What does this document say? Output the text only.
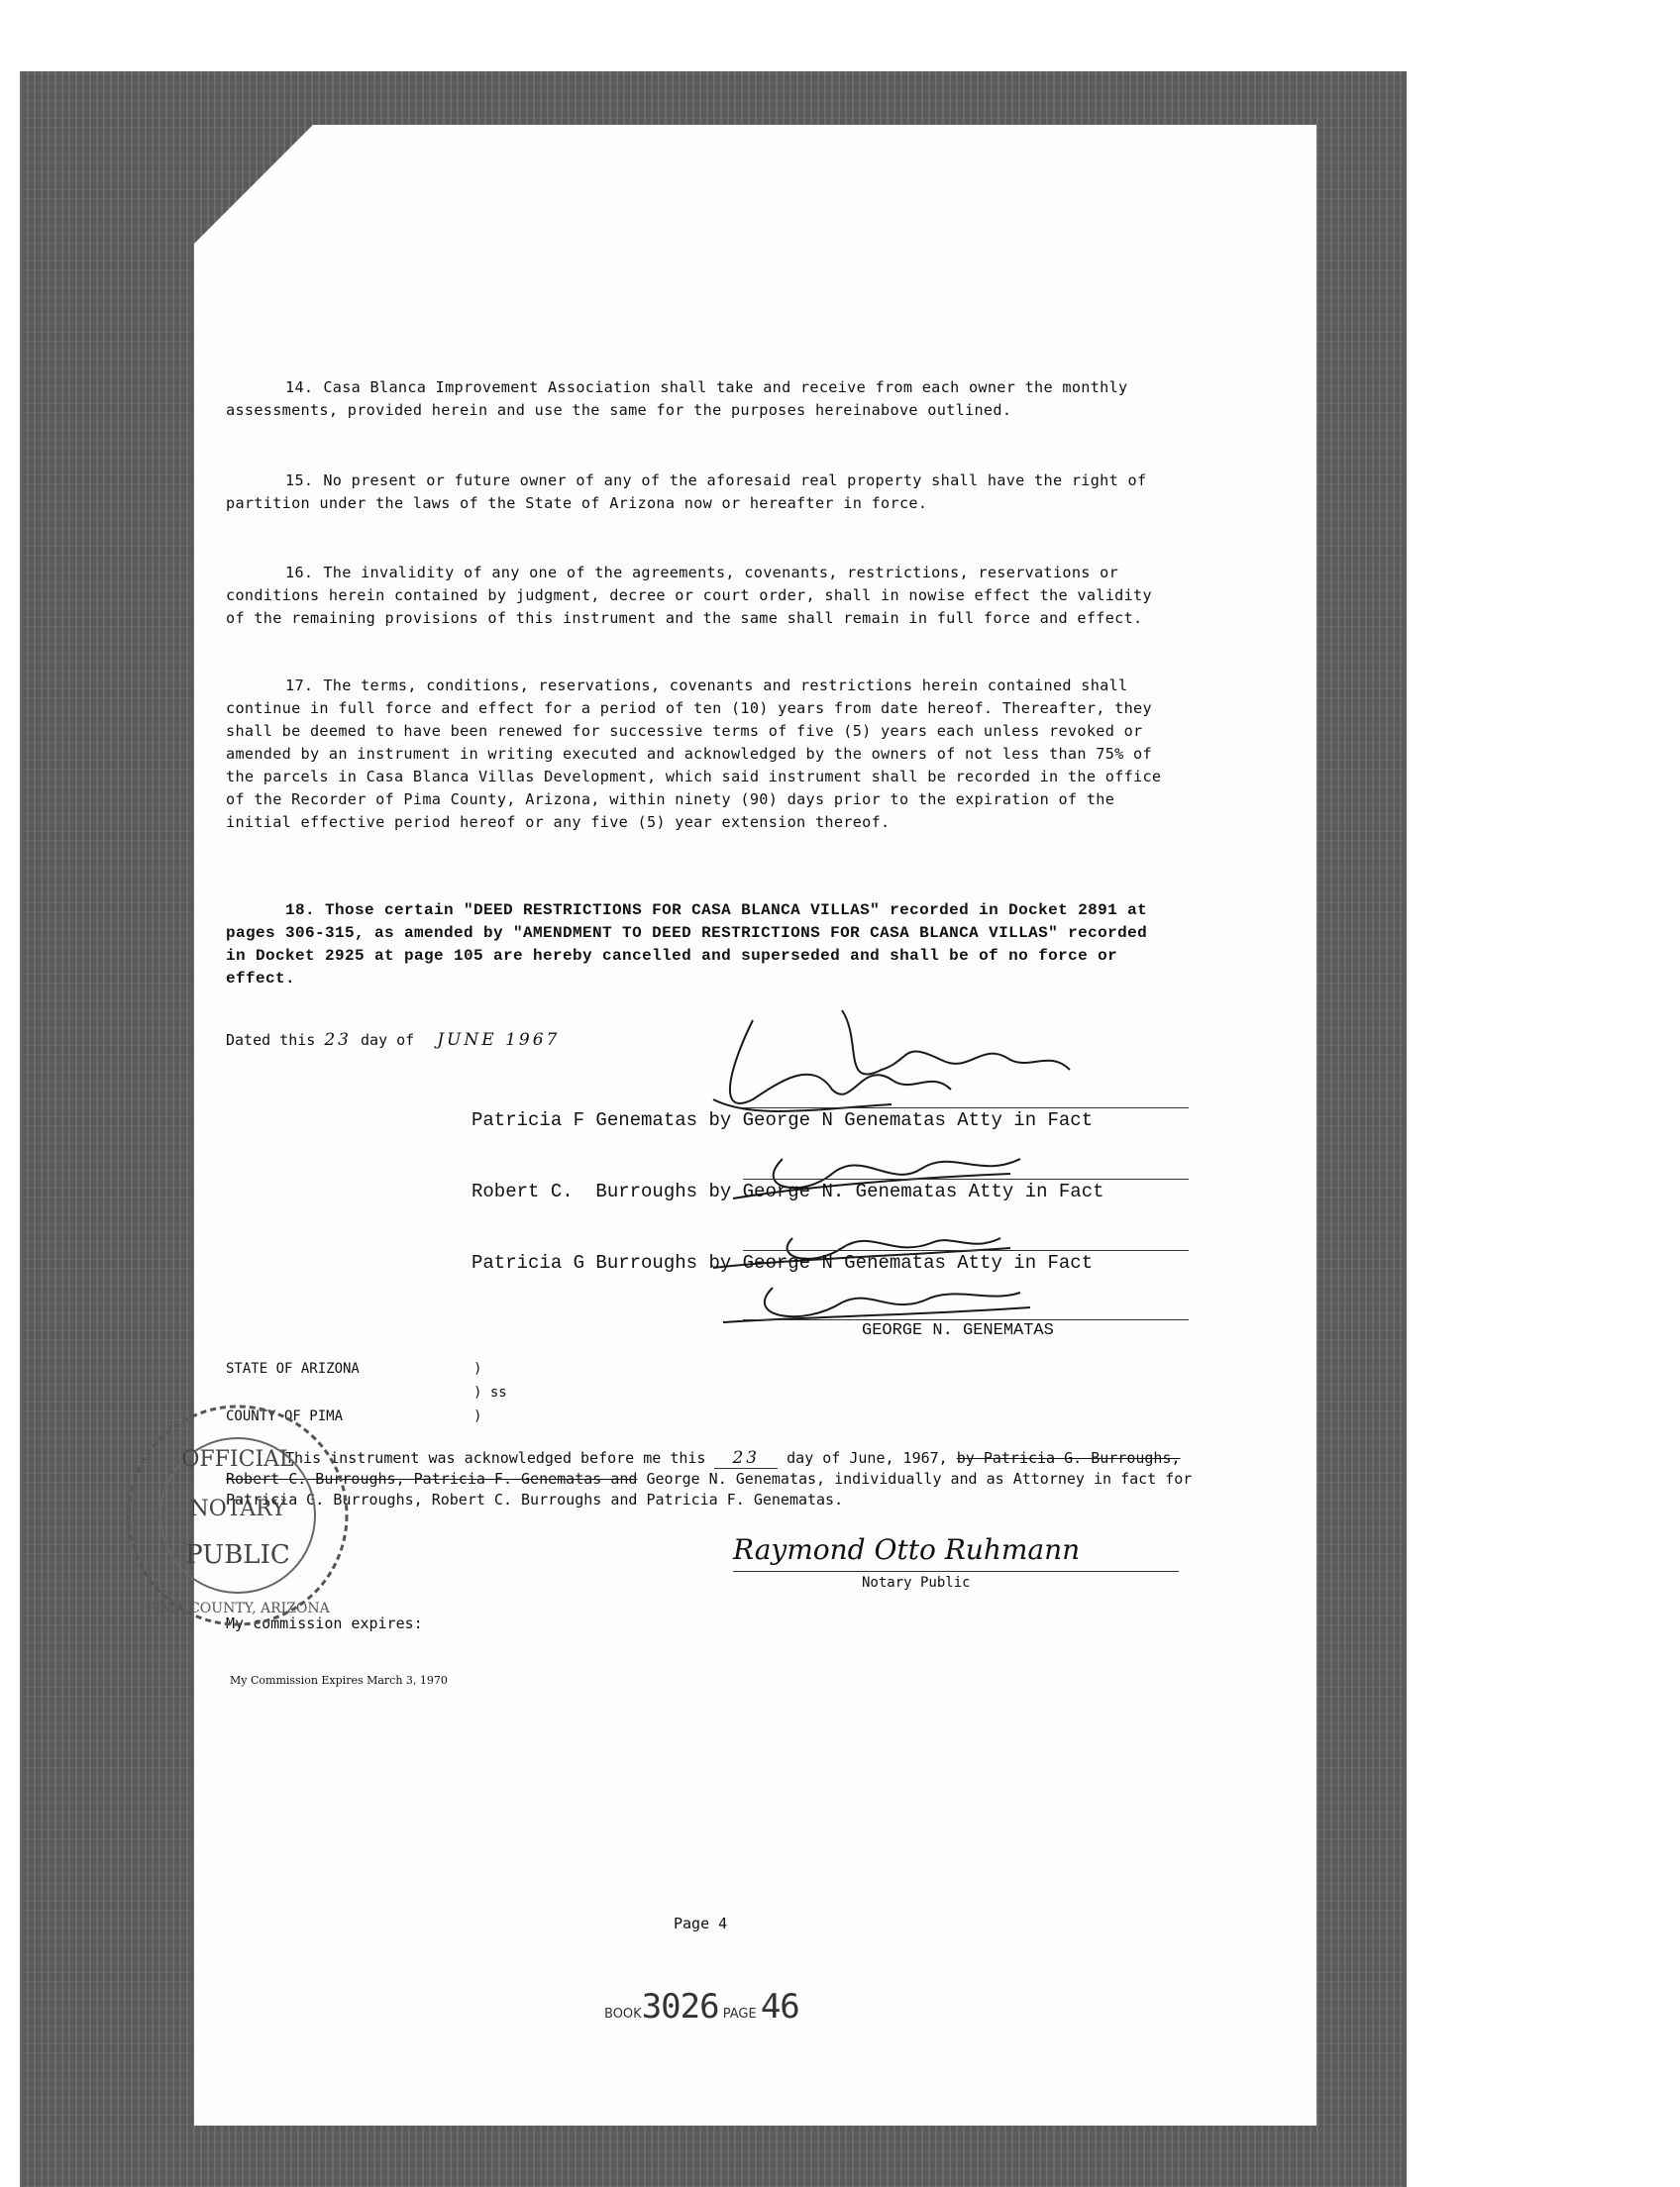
14. Casa Blanca Improvement Association shall take and receive from each owner the monthly assessments, provided herein and use the same for the purposes hereinabove outlined.

15. No present or future owner of any of the aforesaid real property shall have the right of partition under the laws of the State of Arizona now or hereafter in force.

16. The invalidity of any one of the agreements, covenants, restrictions, reservations or conditions herein contained by judgment, decree or court order, shall in nowise effect the validity of the remaining provisions of this instrument and the same shall remain in full force and effect.

17. The terms, conditions, reservations, covenants and restrictions herein contained shall continue in full force and effect for a period of ten (10) years from date hereof. Thereafter, they shall be deemed to have been renewed for successive terms of five (5) years each unless revoked or amended by an instrument in writing executed and acknowledged by the owners of not less than 75% of the parcels in Casa Blanca Villas Development, which said instrument shall be recorded in the office of the Recorder of Pima County, Arizona, within ninety (90) days prior to the expiration of the initial effective period hereof or any five (5) year extension thereof.

18. Those certain "DEED RESTRICTIONS FOR CASA BLANCA VILLAS" recorded in Docket 2891 at pages 306-315, as amended by "AMENDMENT TO DEED RESTRICTIONS FOR CASA BLANCA VILLAS" recorded in Docket 2925 at page 105 are hereby cancelled and superseded and shall be of no force or effect.

Dated this 23 day of JUNE 1967
Patricia F Genematas by George N Genematas Atty in Fact
Robert C.  Burroughs by George N. Genematas Atty in Fact
Patricia G Burroughs by George N Genematas Atty in Fact
GEORGE N. GENEMATAS
STATE OF ARIZONA	)
) ss
COUNTY OF PIMA	)

This instrument was acknowledged before me this 23 day of June, 1967, by Patricia G. Burroughs, Robert C. Burroughs, Patricia F. Genematas and George N. Genematas, individually and as Attorney in fact for Patricia G. Burroughs, Robert C. Burroughs and Patricia F. Genematas.

Raymond Otto Ruhmann
Notary Public
My commission expires:
My Commission Expires March 3, 1970
OFFICIAL
NOTARY
PUBLIC
PIMA COUNTY, ARIZONA
Page 4
BOOK3026 PAGE 46
